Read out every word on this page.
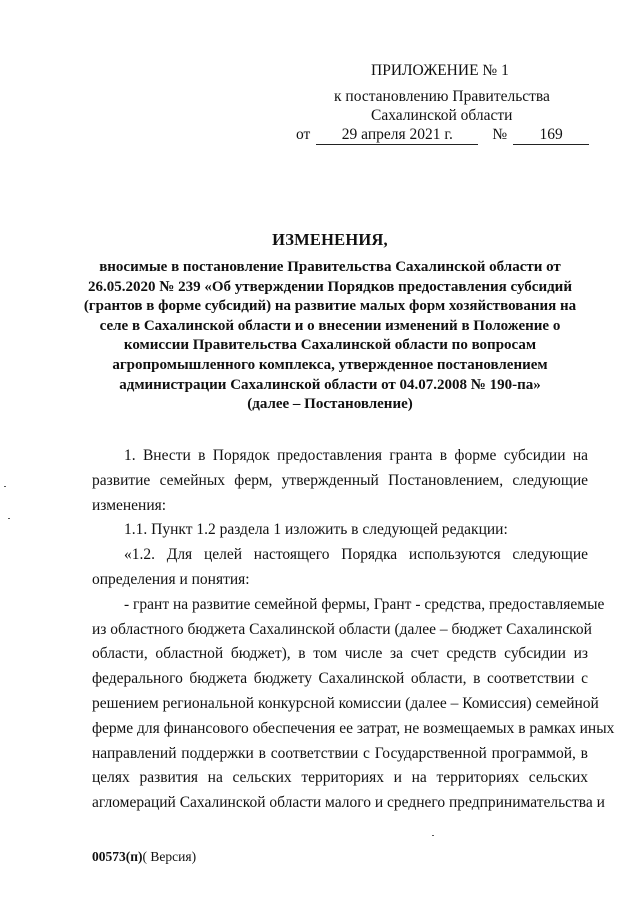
ПРИЛОЖЕНИЕ № 1
к постановлению Правительства
Сахалинской области
от 29 апреля 2021 г.	№ 169
ИЗМЕНЕНИЯ,
вносимые в постановление Правительства Сахалинской области от
26.05.2020 № 239 «Об утверждении Порядков предоставления субсидий
(грантов в форме субсидий) на развитие малых форм хозяйствования на
селе в Сахалинской области и о внесении изменений в Положение о
комиссии Правительства Сахалинской области по вопросам
агропромышленного комплекса, утвержденное постановлением
администрации Сахалинской области от 04.07.2008 № 190-па»
(далее – Постановление)
1. Внести в Порядок предоставления гранта в форме субсидии на
развитие семейных ферм, утвержденный Постановлением, следующие
изменения:
1.1. Пункт 1.2 раздела 1 изложить в следующей редакции:
«1.2. Для целей настоящего Порядка используются следующие
определения и понятия:
- грант на развитие семейной фермы, Грант - средства, предоставляемые
из областного бюджета Сахалинской области (далее – бюджет Сахалинской
области, областной бюджет), в том числе за счет средств субсидии из
федерального бюджета бюджету Сахалинской области, в соответствии с
решением региональной конкурсной комиссии (далее – Комиссия) семейной
ферме для финансового обеспечения ее затрат, не возмещаемых в рамках иных
направлений поддержки в соответствии с Государственной программой, в
целях развития на сельских территориях и на территориях сельских
агломераций Сахалинской области малого и среднего предпринимательства и
00573(п)( Версия)
